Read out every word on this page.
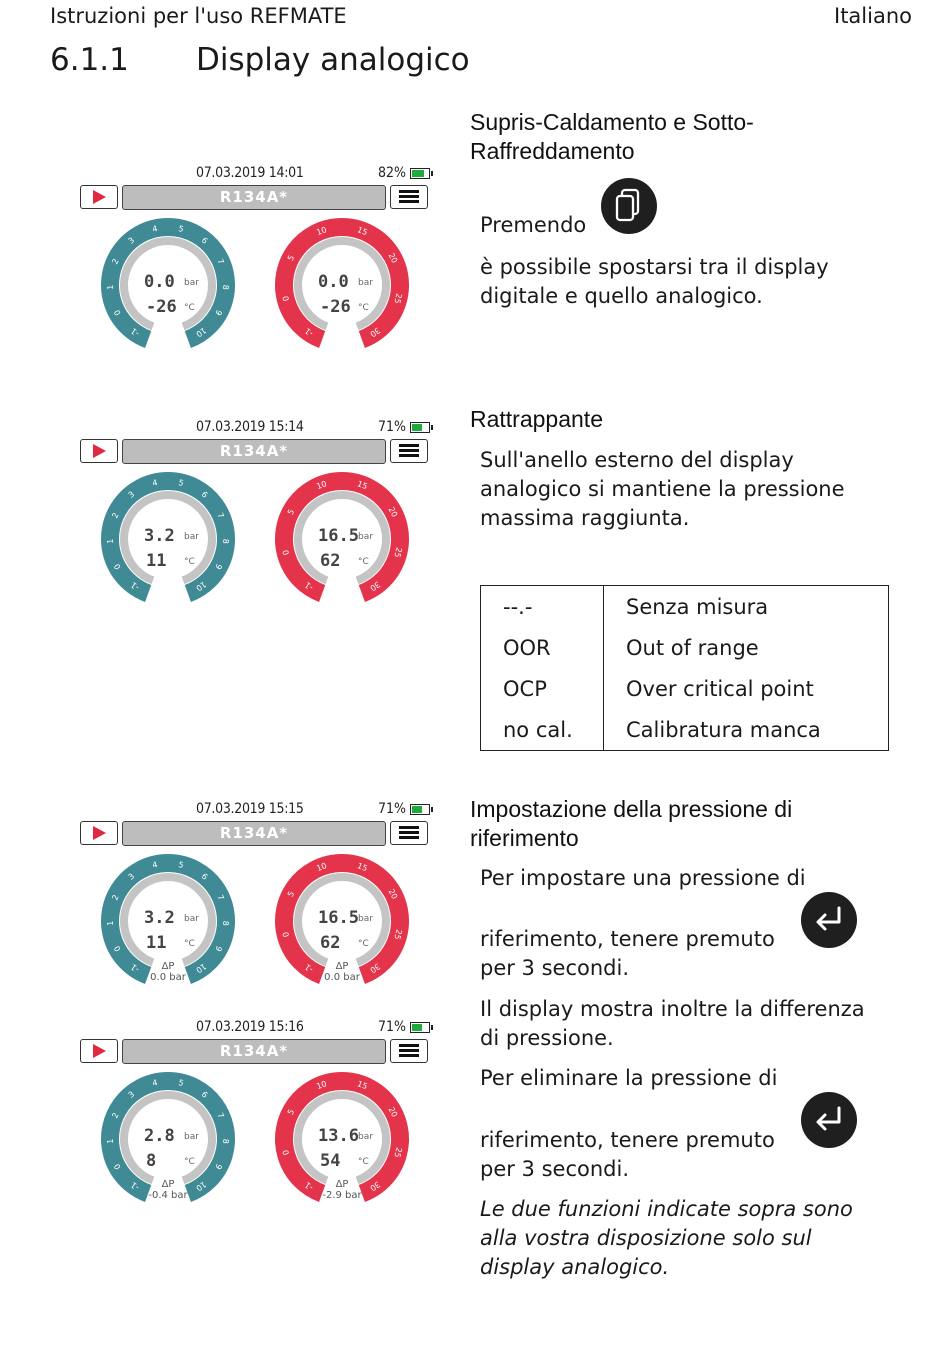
Istruzioni per l'uso REFMATE	Italiano
6.1.1 Display analogico
Supris-Caldamento e Sotto-
Raffreddamento
Premendo
è possibile spostarsi tra il display
digitale e quello analogico.
Rattrappante
Sull'anello esterno del display
analogico si mantiene la pressione
massima raggiunta.
--.-	Senza misura
OOR	Out of range
OCP	Over critical point
no cal.	Calibratura manca
Impostazione della pressione di
riferimento
Per impostare una pressione di
riferimento, tenere premuto
per 3 secondi.
Il display mostra inoltre la differenza
di pressione.
Per eliminare la pressione di
riferimento, tenere premuto
per 3 secondi.
Le due funzioni indicate sopra sono
alla vostra disposizione solo sul
display analogico.
07.03.2019 14:01	82%
R134A*
-1
0
1
2
3
4 5
6
7
8
9
10
0.0 bar
-26 °C
-1
0
5
10	15
20
25
30
0.0 bar
-26 °C
07.03.2019 15:14	71%
R134A*
-1
0
1
2
3
4 5
6
7
8
9
10
3.2 bar
11 °C
-1
0
5
10	15
20
25
30
16.5 bar
62 °C
07.03.2019 15:15	71%
R134A*
-1
0
1
2
3
4 5
6
7
8
9
10
3.2 bar
11 °C
ΔP
0.0 bar
-1
0
5
10	15
20
25
30
16.5 bar
62 °C
ΔP
0.0 bar
07.03.2019 15:16	71%
R134A*
-1
0
1
2
3
4 5
6
7
8
9
10
2.8 bar
8	°C
ΔP
-0.4 bar
-1
0
5
10	15
20
25
30
13.6 bar
54 °C
ΔP
-2.9 bar
